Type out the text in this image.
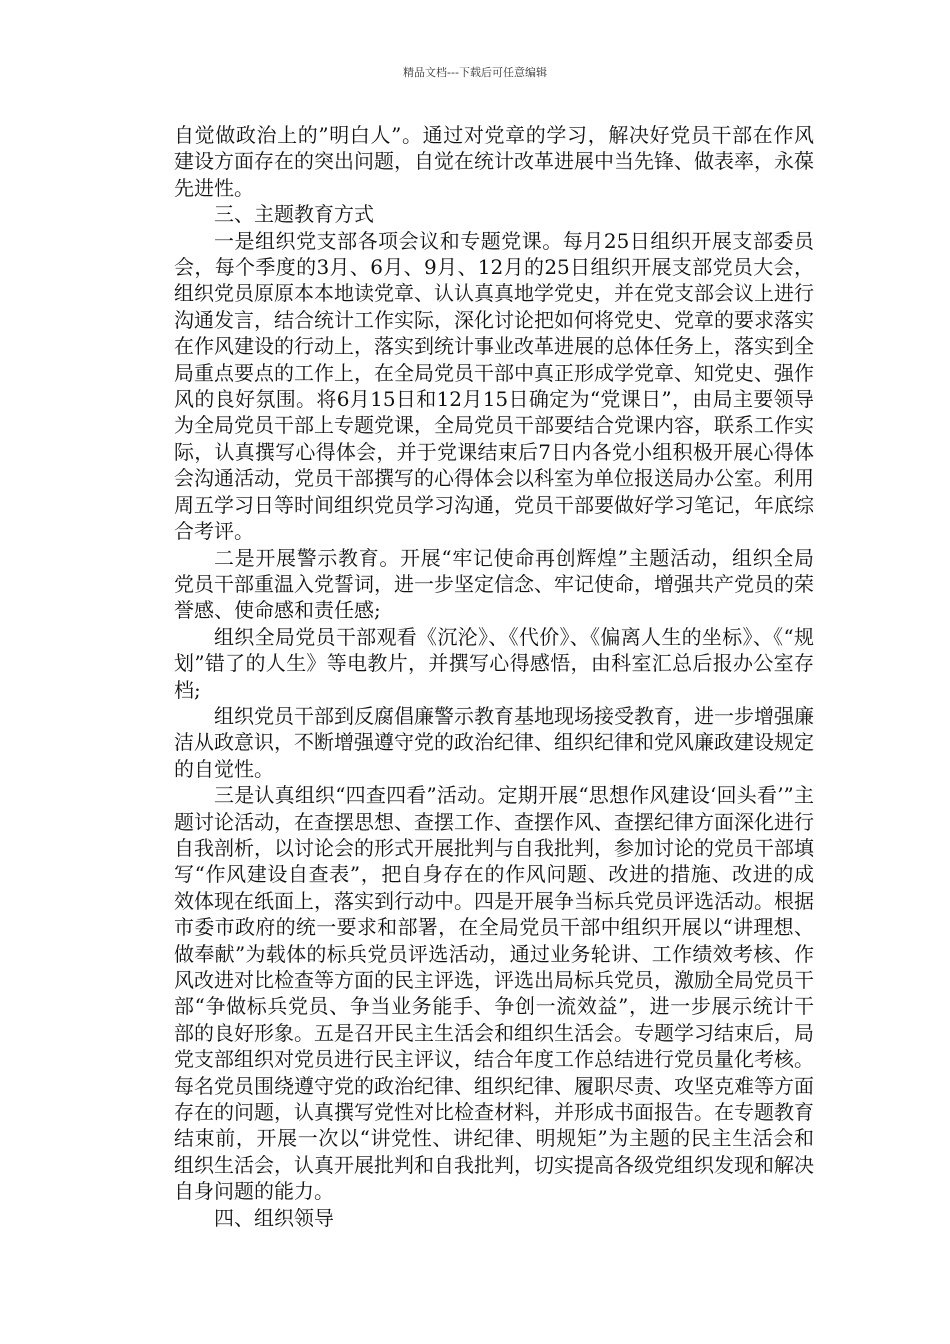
精品文档---下载后可任意编辑

自觉做政治上的”明白人”。通过对党章的学习，解决好党员干部在作风建设方面存在的突出问题，自觉在统计改革进展中当先锋、做表率，永葆先进性。

三、主题教育方式

一是组织党支部各项会议和专题党课。每月25日组织开展支部委员会，每个季度的3月、6月、9月、12月的25日组织开展支部党员大会，组织党员原原本本地读党章、认认真真地学党史，并在党支部会议上进行沟通发言，结合统计工作实际，深化讨论把如何将党史、党章的要求落实在作风建设的行动上，落实到统计事业改革进展的总体任务上，落实到全局重点要点的工作上，在全局党员干部中真正形成学党章、知党史、强作风的良好氛围。将6月15日和12月15日确定为“党课日”，由局主要领导为全局党员干部上专题党课，全局党员干部要结合党课内容，联系工作实际，认真撰写心得体会，并于党课结束后7日内各党小组积极开展心得体会沟通活动，党员干部撰写的心得体会以科室为单位报送局办公室。利用周五学习日等时间组织党员学习沟通，党员干部要做好学习笔记，年底综合考评。

二是开展警示教育。开展“牢记使命再创辉煌”主题活动，组织全局党员干部重温入党誓词，进一步坚定信念、牢记使命，增强共产党员的荣誉感、使命感和责任感;

组织全局党员干部观看《沉沦》、《代价》、《偏离人生的坐标》、《“规划”错了的人生》等电教片，并撰写心得感悟，由科室汇总后报办公室存档;

组织党员干部到反腐倡廉警示教育基地现场接受教育，进一步增强廉洁从政意识，不断增强遵守党的政治纪律、组织纪律和党风廉政建设规定的自觉性。

三是认真组织“四查四看”活动。定期开展“思想作风建设‘回头看’”主题讨论活动，在查摆思想、查摆工作、查摆作风、查摆纪律方面深化进行自我剖析，以讨论会的形式开展批判与自我批判，参加讨论的党员干部填写“作风建设自查表”，把自身存在的作风问题、改进的措施、改进的成效体现在纸面上，落实到行动中。四是开展争当标兵党员评选活动。根据市委市政府的统一要求和部署，在全局党员干部中组织开展以“讲理想、做奉献”为载体的标兵党员评选活动，通过业务轮讲、工作绩效考核、作风改进对比检查等方面的民主评选，评选出局标兵党员，激励全局党员干部“争做标兵党员、争当业务能手、争创一流效益”，进一步展示统计干部的良好形象。五是召开民主生活会和组织生活会。专题学习结束后，局党支部组织对党员进行民主评议，结合年度工作总结进行党员量化考核。每名党员围绕遵守党的政治纪律、组织纪律、履职尽责、攻坚克难等方面存在的问题，认真撰写党性对比检查材料，并形成书面报告。在专题教育结束前，开展一次以“讲党性、讲纪律、明规矩”为主题的民主生活会和组织生活会，认真开展批判和自我批判，切实提高各级党组织发现和解决自身问题的能力。

四、组织领导
